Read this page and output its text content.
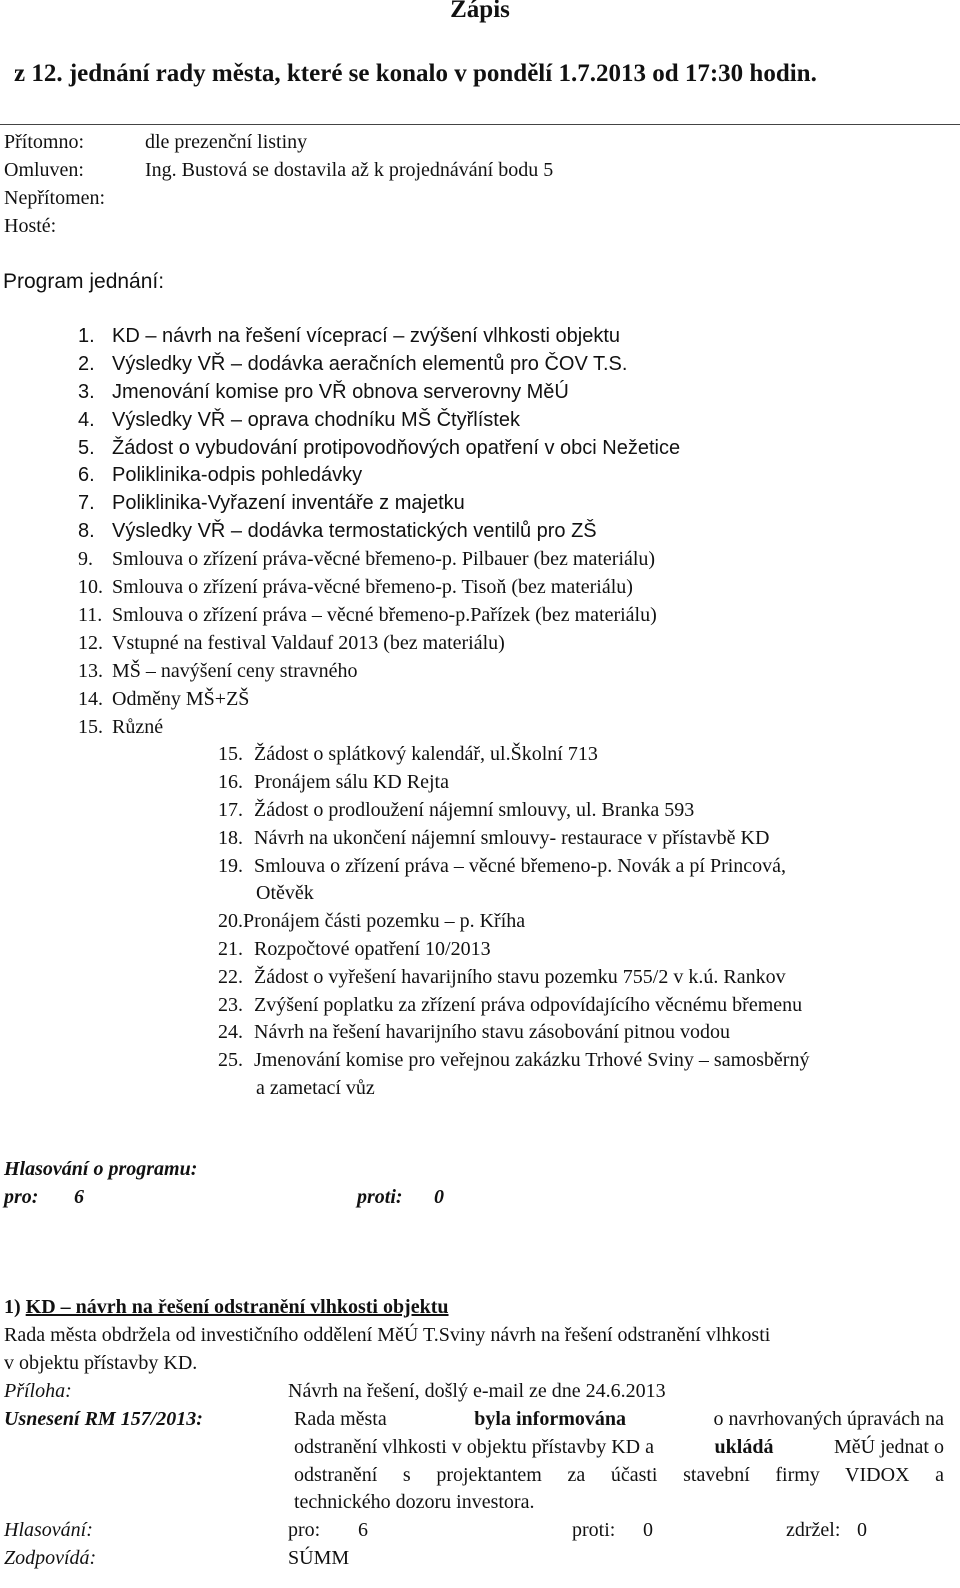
Zápis
z 12. jednání rady města, které se konalo v pondělí 1.7.2013 od 17:30 hodin.
Přítomno:	dle prezenční listiny
Omluven:	Ing. Bustová se dostavila až k projednávání bodu 5
Nepřítomen:
Hosté:
Program jednání:
1. KD – návrh na řešení víceprací – zvýšení vlhkosti objektu
2. Výsledky VŘ – dodávka aeračních elementů pro ČOV T.S.
3. Jmenování komise pro VŘ obnova serverovny MěÚ
4. Výsledky VŘ – oprava chodníku MŠ Čtyřlístek
5. Žádost o vybudování protipovodňových opatření v obci Nežetice
6. Poliklinika-odpis pohledávky
7. Poliklinika-Vyřazení inventáře z majetku
8. Výsledky VŘ – dodávka termostatických ventilů pro ZŠ
9. Smlouva o zřízení práva-věcné břemeno-p. Pilbauer (bez materiálu)
10. Smlouva o zřízení práva-věcné břemeno-p. Tisoň (bez materiálu)
11. Smlouva o zřízení práva – věcné břemeno-p.Pařízek (bez materiálu)
12. Vstupné na festival Valdauf 2013 (bez materiálu)
13. MŠ – navýšení ceny stravného
14. Odměny MŠ+ZŠ
15. Různé
15. Žádost o splátkový kalendář, ul.Školní 713
16. Pronájem sálu KD Rejta
17. Žádost o prodloužení nájemní smlouvy, ul. Branka 593
18. Návrh na ukončení nájemní smlouvy- restaurace v přístavbě KD
19. Smlouva o zřízení práva – věcné břemeno-p. Novák a pí Princová,
Otěvěk
20.Pronájem části pozemku – p. Kříha
21. Rozpočtové opatření 10/2013
22. Žádost o vyřešení havarijního stavu pozemku 755/2 v k.ú. Rankov
23. Zvýšení poplatku za zřízení práva odpovídajícího věcnému břemenu
24. Návrh na řešení havarijního stavu zásobování pitnou vodou
25. Jmenování komise pro veřejnou zakázku Trhové Sviny – samosběrný
a zametací vůz
Hlasování o programu:
pro: 6	proti: 0
1) KD – návrh na řešení odstranění vlhkosti objektu
Rada města obdržela od investičního oddělení MěÚ T.Sviny návrh na řešení odstranění vlhkosti
v objektu přístavby KD.
Příloha:	Návrh na řešení, došlý e-mail ze dne 24.6.2013
Usnesení RM 157/2013:	Rada města	byla informována	o navrhovaných úpravách na
odstranění vlhkosti v objektu přístavby KD a	ukládá	MěÚ jednat o
odstranění s projektantem za účasti stavební firmy VIDOX a
technického dozoru investora.
Hlasování:	pro: 6	proti: 0	zdržel: 0
Zodpovídá:	SÚMM
